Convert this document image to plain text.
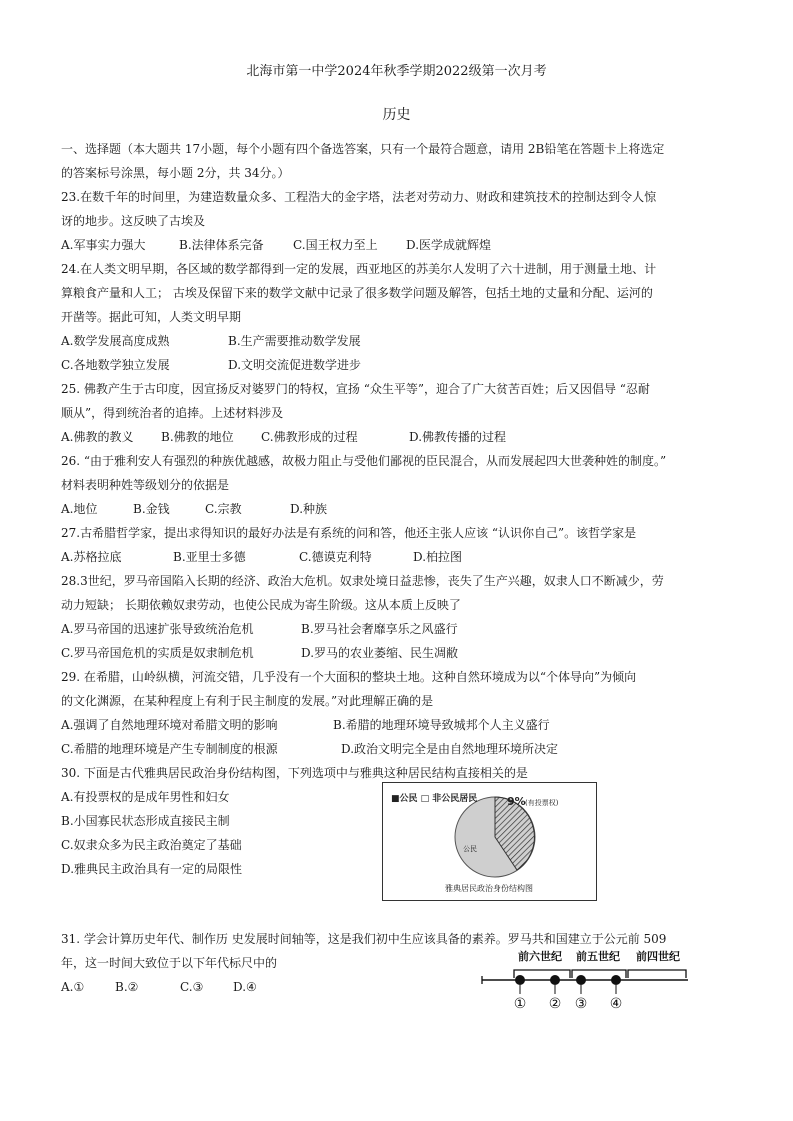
北海市第一中学2024年秋季学期2022级第一次月考
历史
一、选择题（本大题共 17小题，每个小题有四个备选答案，只有一个最符合题意，请用 2B铅笔在答题卡上将选定
的答案标号涂黑，每小题 2分，共 34分。）
23.在数千年的时间里，为建造数量众多、工程浩大的金字塔，法老对劳动力、财政和建筑技术的控制达到令人惊
讶的地步。这反映了古埃及
A.军事实力强大	B.法律体系完备 C.国王权力至上 D.医学成就辉煌
24.在人类文明早期，各区域的数学都得到一定的发展，西亚地区的苏美尔人发明了六十进制，用于测量土地、计
算粮食产量和人工； 古埃及保留下来的数学文献中记录了很多数学问题及解答，包括土地的丈量和分配、运河的
开凿等。据此可知，人类文明早期
A.数学发展高度成熟	B.生产需要推动数学发展
C.各地数学独立发展	D.文明交流促进数学进步
25. 佛教产生于古印度，因宣扬反对婆罗门的特权，宣扬 “众生平等”，迎合了广大贫苦百姓；后又因倡导 “忍耐
顺从”，得到统治者的追捧。上述材料涉及
A.佛教的教义 B.佛教的地位 C.佛教形成的过程	D.佛教传播的过程
26. “由于雅利安人有强烈的种族优越感，故极力阻止与受他们鄙视的臣民混合，从而发展起四大世袭种姓的制度。”
材料表明种姓等级划分的依据是
A.地位	B.金钱	C.宗教	D.种族
27.古希腊哲学家，提出求得知识的最好办法是有系统的问和答，他还主张人应该 “认识你自己”。该哲学家是
A.苏格拉底	B.亚里士多德	C.德谟克利特	D.柏拉图
28.3世纪，罗马帝国陷入长期的经济、政治大危机。奴隶处境日益悲惨，丧失了生产兴趣，奴隶人口不断减少，劳
动力短缺； 长期依赖奴隶劳动，也使公民成为寄生阶级。这从本质上反映了
A.罗马帝国的迅速扩张导致统治危机	B.罗马社会奢靡享乐之风盛行
C.罗马帝国危机的实质是奴隶制危机	D.罗马的农业萎缩、民生凋敝
29. 在希腊，山岭纵横，河流交错，几乎没有一个大面积的整块土地。这种自然环境成为以“个体导向”为倾向
的文化渊源，在某种程度上有利于民主制度的发展。”对此理解正确的是
A.强调了自然地理环境对希腊文明的影响	B.希腊的地理环境导致城邦个人主义盛行
C.希腊的地理环境是产生专制制度的根源	D.政治文明完全是由自然地理环境所决定
30. 下面是古代雅典居民政治身份结构图，下列选项中与雅典这种居民结构直接相关的是
A.有投票权的是成年男性和妇女
B.小国寡民状态形成直接民主制
C.奴隶众多为民主政治奠定了基础
D.雅典民主政治具有一定的局限性
■公民 □ 非公民居民	9% (有投票权)
公民
雅典居民政治身份结构图
31. 学会计算历史年代、制作历 史发展时间轴等，这是我们初中生应该具备的素养。罗马共和国建立于公元前 509
年，这一时间大致位于以下年代标尺中的
A.①	B.②	C.③ D.④
前六世纪 前五世纪 前四世纪
① ② ③ ④
